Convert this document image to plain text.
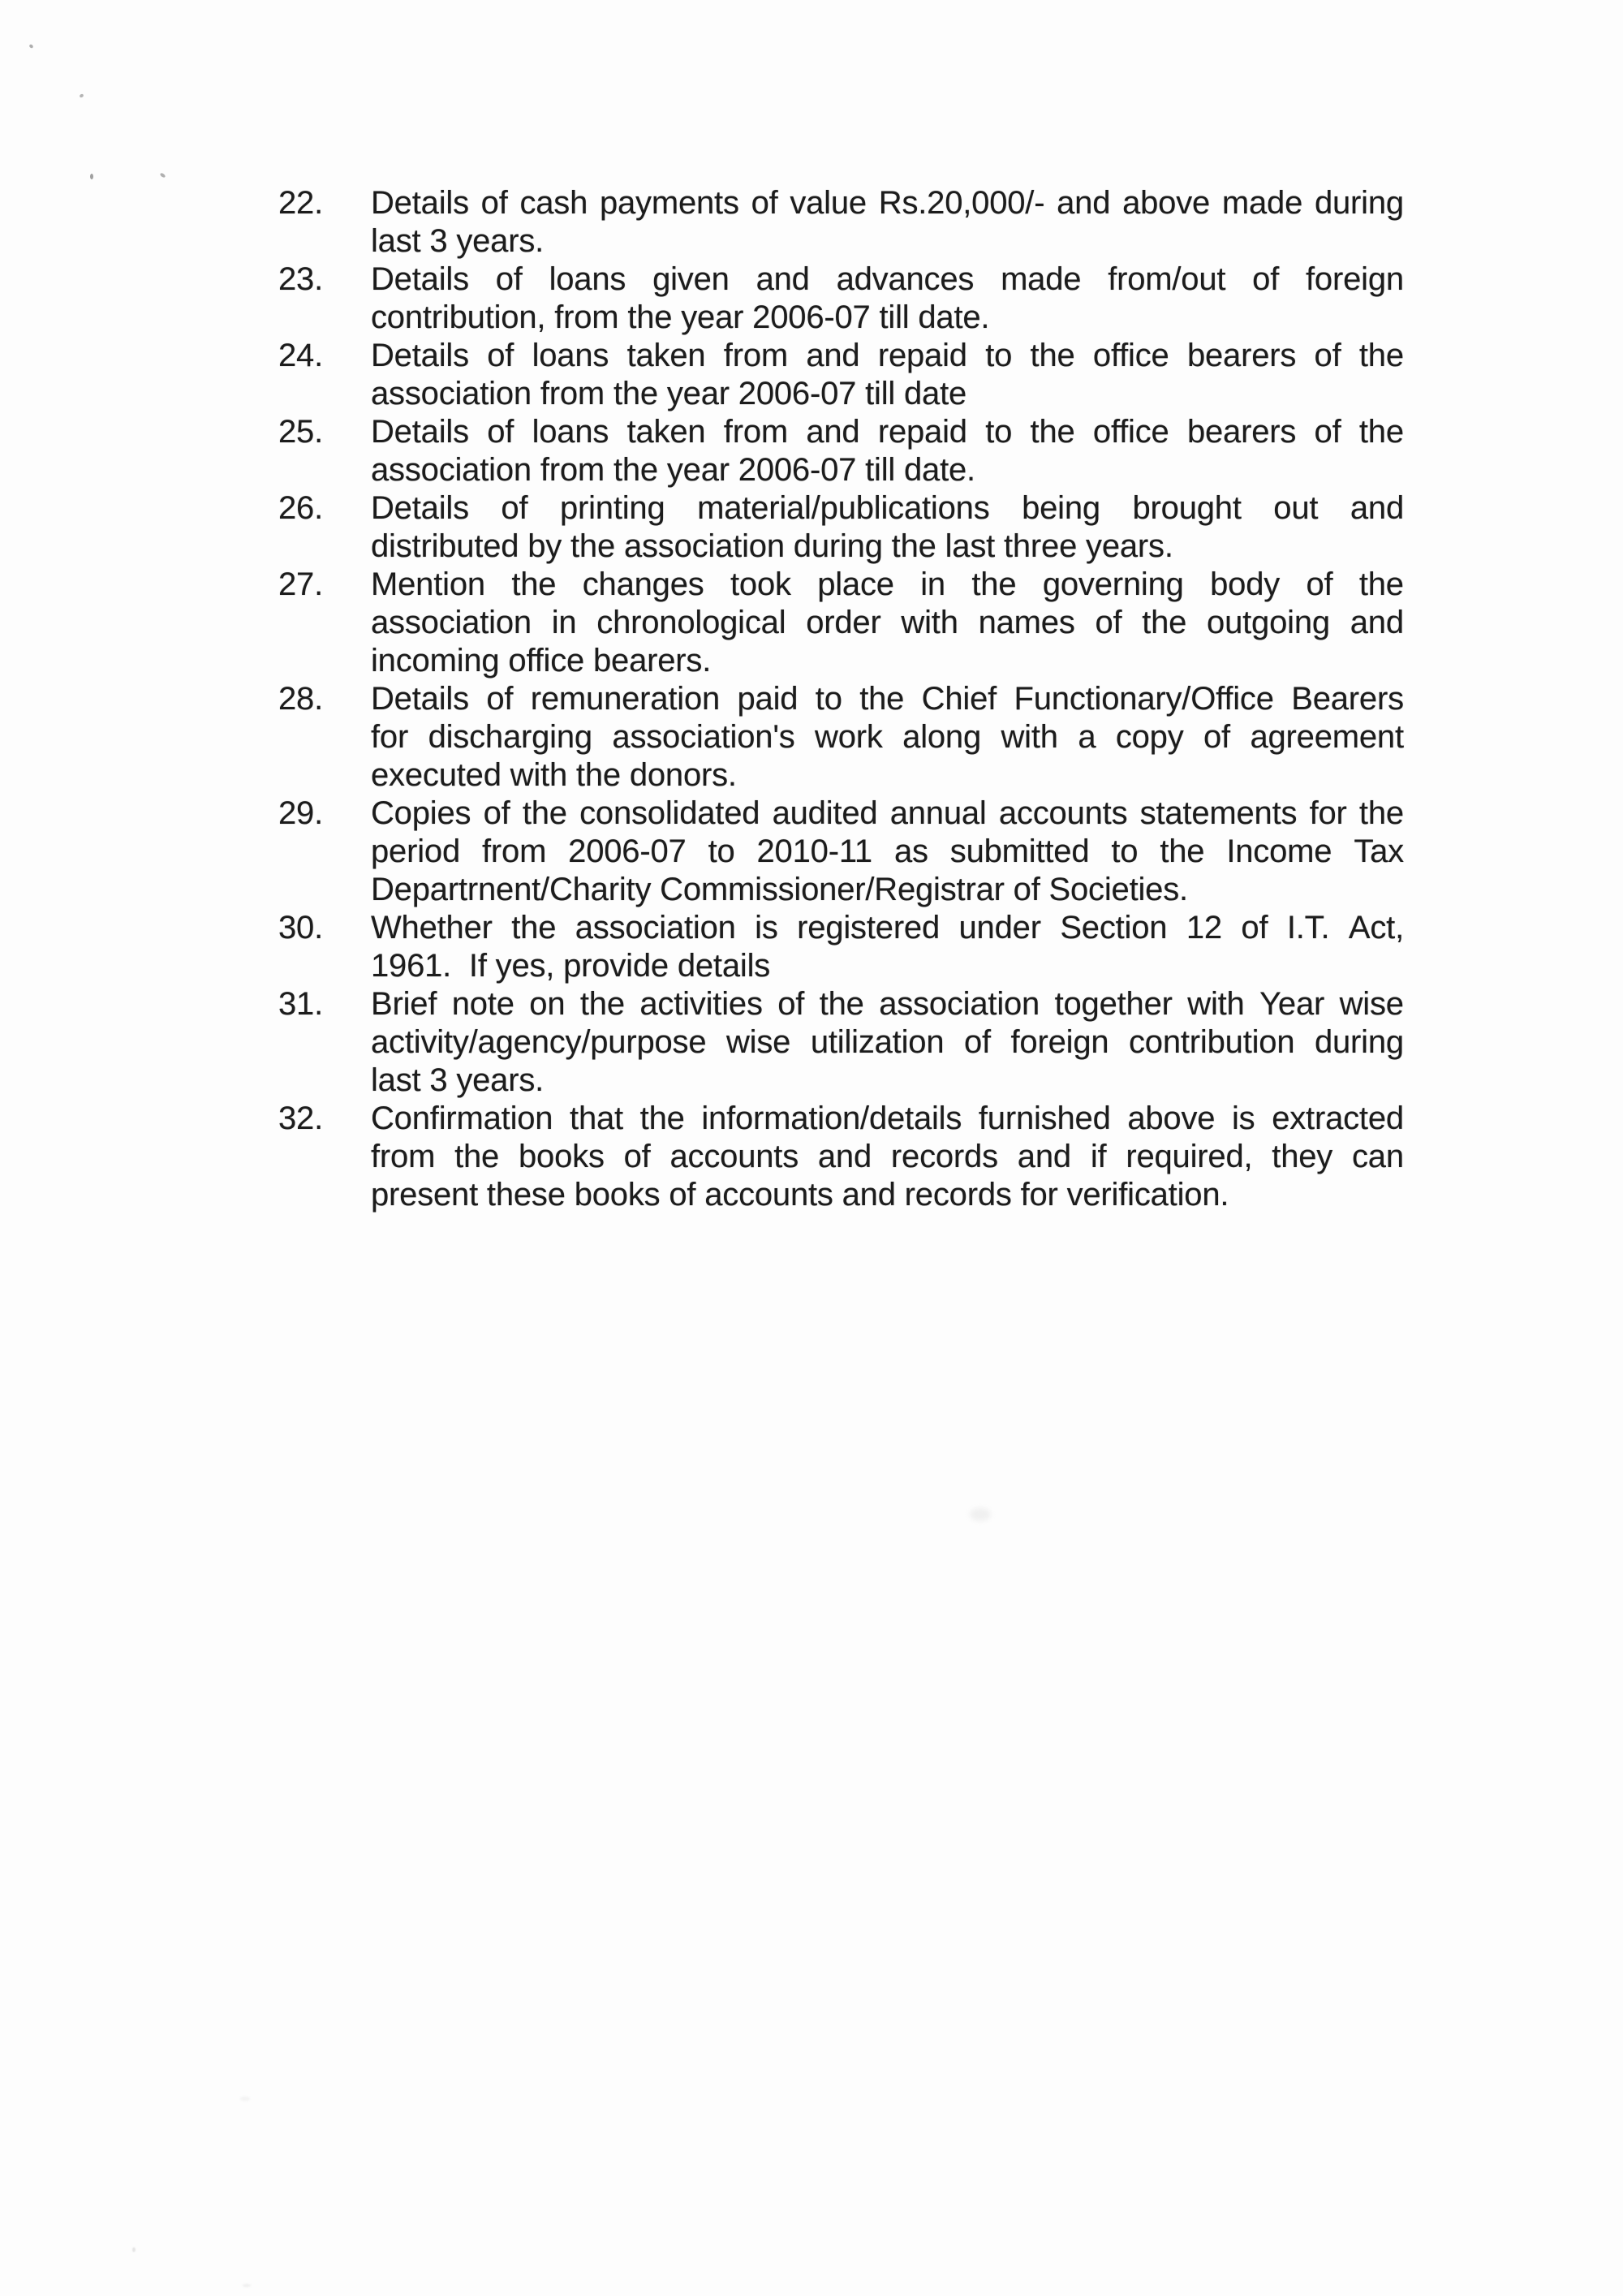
22.	Details of cash payments of value Rs.20,000/- and above made during
last 3 years.
23.	Details of loans given and advances made from/out of foreign
contribution, from the year 2006-07 till date.
24.	Details of loans taken from and repaid to the office bearers of the
association from the year 2006-07 till date
25.	Details of loans taken from and repaid to the office bearers of the
association from the year 2006-07 till date.
26.	Details of printing material/publications being brought out and
distributed by the association during the last three years.
27.	Mention the changes took place in the governing body of the
association in chronological order with names of the outgoing and
incoming office bearers.
28.	Details of remuneration paid to the Chief Functionary/Office Bearers
for discharging association's work along with a copy of agreement
executed with the donors.
29.	Copies of the consolidated audited annual accounts statements for the
period from 2006-07 to 2010-11 as submitted to the Income Tax
Departrnent/Charity Commissioner/Registrar of Societies.
30.	Whether the association is registered under Section 12 of I.T. Act,
1961.  If yes, provide details
31.	Brief note on the activities of the association together with Year wise
activity/agency/purpose wise utilization of foreign contribution during
last 3 years.
32.	Confirmation that the information/details furnished above is extracted
from the books of accounts and records and if required, they can
present these books of accounts and records for verification.
